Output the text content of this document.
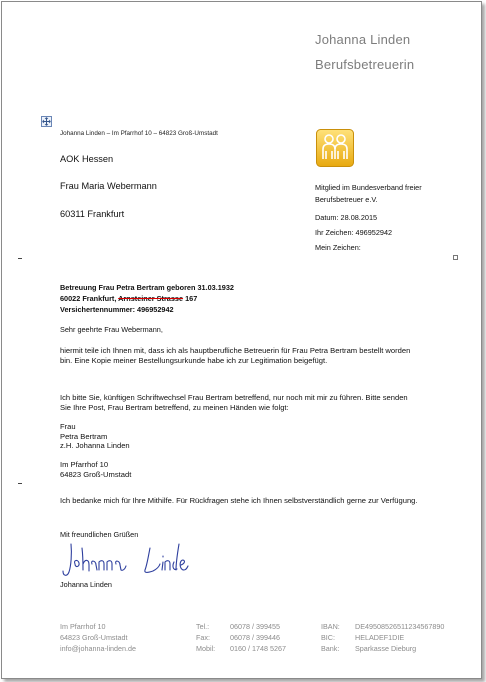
Johanna Linden
Berufsbetreuerin
Johanna Linden – Im Pfarrhof 10 – 64823 Groß-Umstadt
AOK Hessen
Frau Maria Webermann
60311 Frankfurt
Mitglied im Bundesverband freier
Berufsbetreuer e.V.
Datum: 28.08.2015
Ihr Zeichen: 496952942
Mein Zeichen:
Betreuung Frau Petra Bertram geboren 31.03.1932
60022 Frankfurt, Arnsteiner Strasse 167
Versichertennummer: 496952942
Sehr geehrte Frau Webermann,
hiermit teile ich Ihnen mit, dass ich als hauptberufliche Betreuerin für Frau Petra Bertram bestellt worden bin. Eine Kopie meiner Bestellungsurkunde habe ich zur Legitimation beigefügt.
Ich bitte Sie, künftigen Schriftwechsel Frau Bertram betreffend, nur noch mit mir zu führen. Bitte senden Sie Ihre Post, Frau Bertram betreffend, zu meinen Händen wie folgt:
Frau
Petra Bertram
z.H. Johanna Linden
Im Pfarrhof 10
64823 Groß-Umstadt
Ich bedanke mich für Ihre Mithilfe. Für Rückfragen stehe ich Ihnen selbstverständlich gerne zur Verfügung.
Mit freundlichen Grüßen
Johanna Linden
Im Pfarrhof 10
64823 Groß-Umstadt
info@johanna-linden.de
Tel.:
Fax:
Mobil:
06078 / 399455
06078 / 399446
0160 / 1748 5267
IBAN:
BIC:
Bank:
DE49508526511234567890
HELADEF1DIE
Sparkasse Dieburg
